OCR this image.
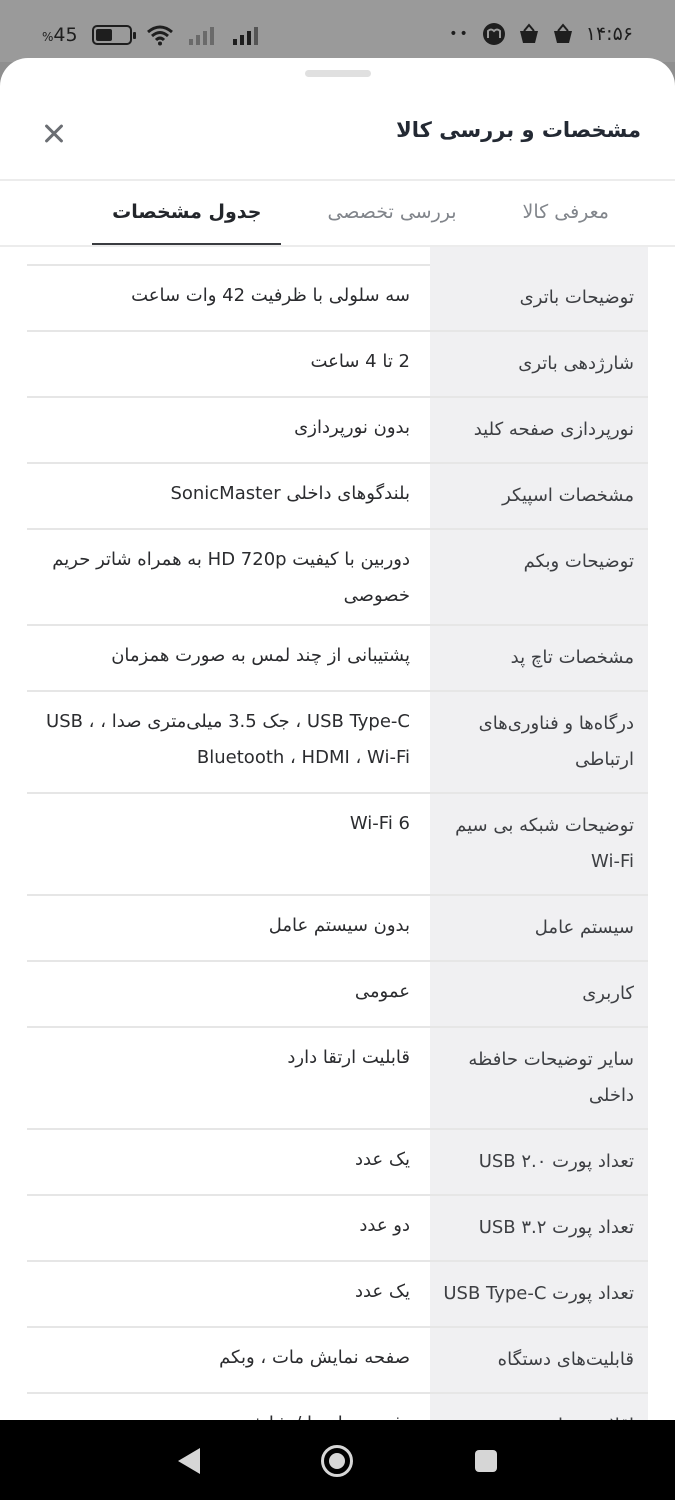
%45	••	۱۴:۵۶
مشخصات و بررسی کالا
معرفی کالا
بررسی تخصصی
جدول مشخصات
توضیحات باتری
سه سلولی با ظرفیت 42 وات ساعت
شارژدهی باتری
2 تا 4 ساعت
نورپردازی صفحه کلید
بدون نورپردازی
مشخصات اسپیکر
بلندگوهای داخلی SonicMaster
توضیحات وبکم
دوربین با کیفیت HD 720p به همراه شاتر حریم خصوصی
مشخصات تاچ پد
پشتیبانی از چند لمس به صورت همزمان
درگاه‌ها و فناوری‌های ارتباطی
USB Type-C ، جک 3.5 میلی‌متری صدا ، USB ، Bluetooth ، HDMI ، Wi-Fi
توضیحات شبکه بی سیم Wi-Fi
Wi-Fi 6
سیستم عامل
بدون سیستم عامل
کاربری
عمومی
سایر توضیحات حافظه داخلی
قابلیت ارتقا دارد
تعداد پورت USB ۲.۰
یک عدد
تعداد پورت USB ۳.۲
دو عدد
تعداد پورت USB Type-C
یک عدد
قابلیت‌های دستگاه
صفحه نمایش مات ، وبکم
